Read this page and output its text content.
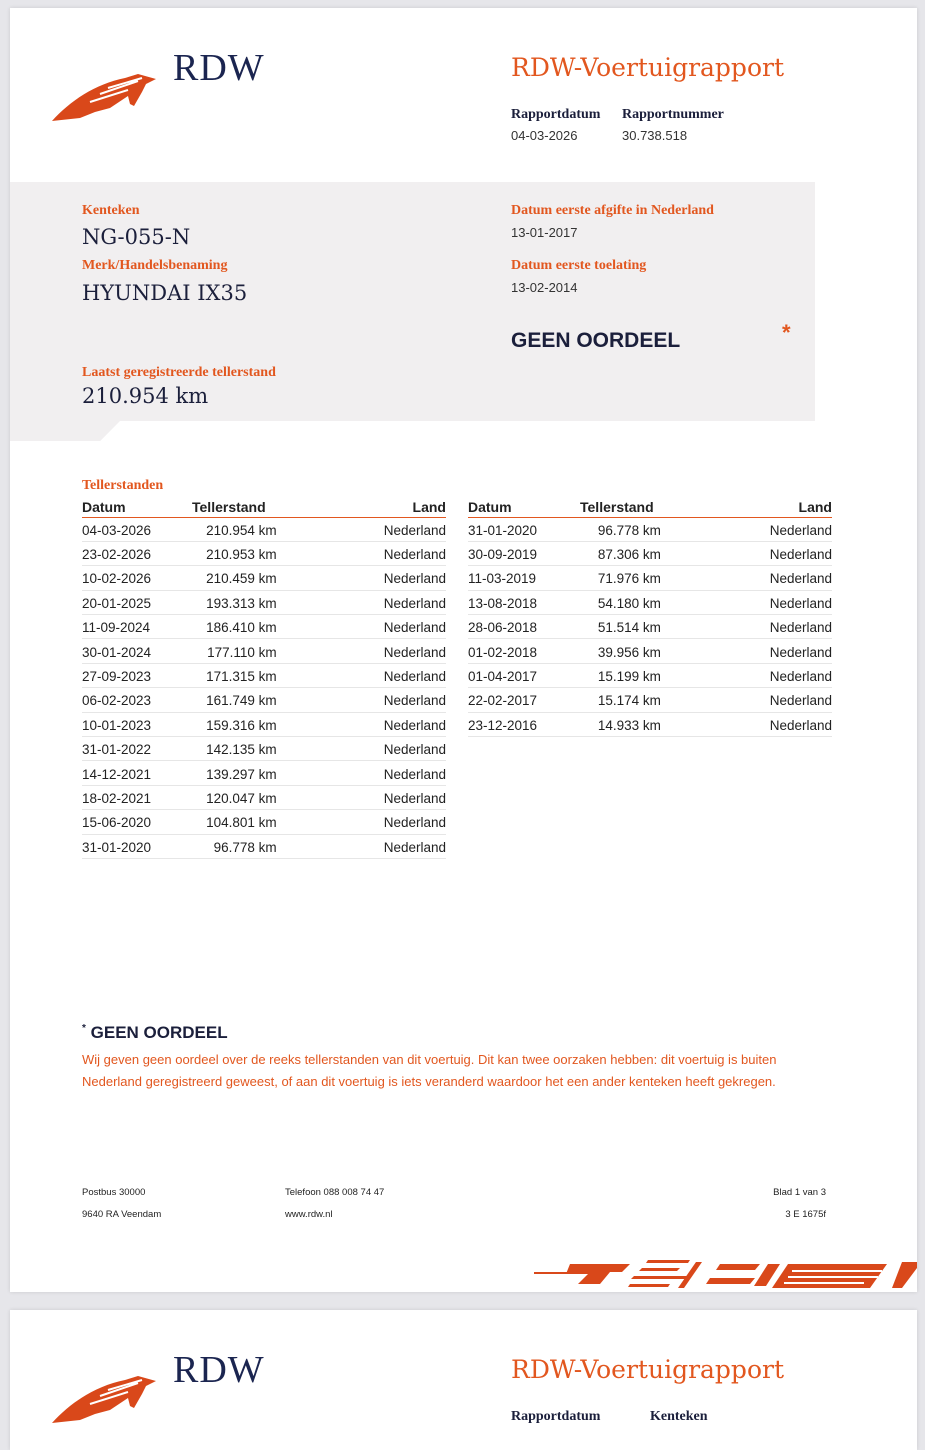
RDW	RDW-Voertuigrapport
Rapportdatum
04-03-2026
Rapportnummer
30.738.518
Kenteken
NG-055-N
Merk/Handelsbenaming
HYUNDAI IX35
Datum eerste afgifte in Nederland
13-01-2017
Datum eerste toelating
13-02-2014
GEEN OORDEEL	*
Laatst geregistreerde tellerstand
210.954 km
Tellerstanden
Datum	Tellerstand	Land
04-03-2026	210.954 km	Nederland
23-02-2026	210.953 km	Nederland
10-02-2026	210.459 km	Nederland
20-01-2025	193.313 km	Nederland
11-09-2024	186.410 km	Nederland
30-01-2024	177.110 km	Nederland
27-09-2023	171.315 km	Nederland
06-02-2023	161.749 km	Nederland
10-01-2023	159.316 km	Nederland
31-01-2022	142.135 km	Nederland
14-12-2021	139.297 km	Nederland
18-02-2021	120.047 km	Nederland
15-06-2020	104.801 km	Nederland
31-01-2020	96.778 km	Nederland
Datum	Tellerstand	Land
31-01-2020	96.778 km	Nederland
30-09-2019	87.306 km	Nederland
11-03-2019	71.976 km	Nederland
13-08-2018	54.180 km	Nederland
28-06-2018	51.514 km	Nederland
01-02-2018	39.956 km	Nederland
01-04-2017	15.199 km	Nederland
22-02-2017	15.174 km	Nederland
23-12-2016	14.933 km	Nederland
* GEEN OORDEEL
Wij geven geen oordeel over de reeks tellerstanden van dit voertuig. Dit kan twee oorzaken hebben: dit voertuig is buiten Nederland geregistreerd geweest, of aan dit voertuig is iets veranderd waardoor het een ander kenteken heeft gekregen.
Postbus 30000
9640 RA Veendam
Telefoon 088 008 74 47
www.rdw.nl
Blad 1 van 3
3 E 1675f
RDW	RDW-Voertuigrapport
Rapportdatum	Kenteken
